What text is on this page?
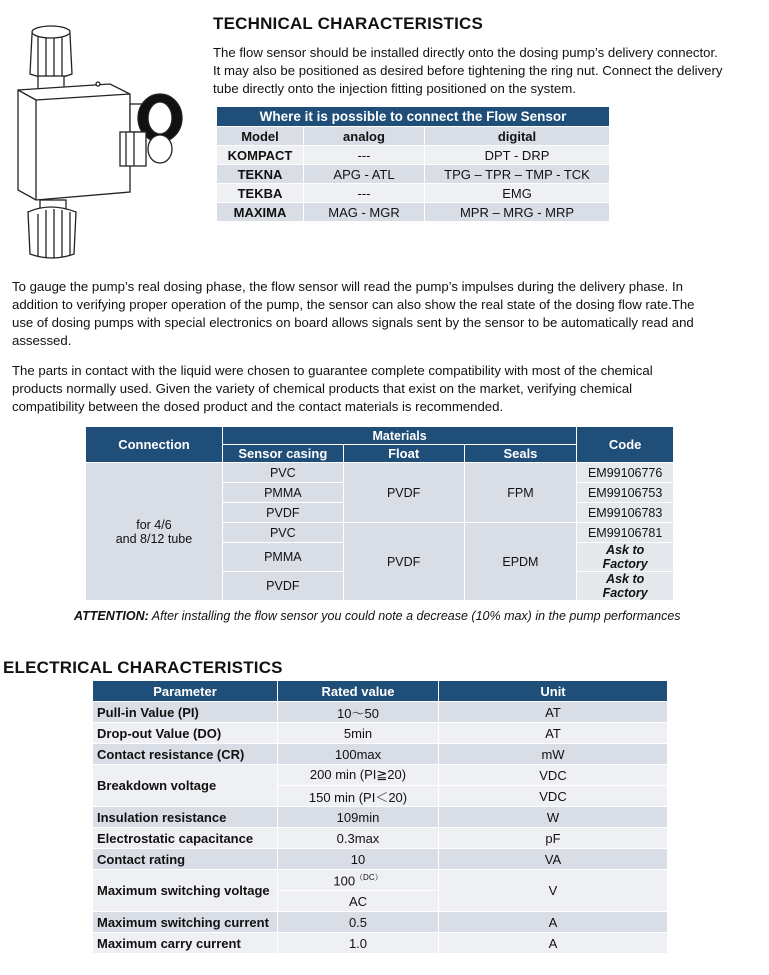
TECHNICAL CHARACTERISTICS
The flow sensor should be installed directly onto the dosing pump’s delivery connector.
It may also be positioned as desired before tightening the ring nut. Connect the delivery
tube directly onto the injection fitting positioned on the system.
Where it is possible to connect the Flow Sensor		
Model	analog	digital
KOMPACT	---	DPT - DRP
TEKNA	APG - ATL	TPG – TPR – TMP - TCK
TEKBA	---	EMG
MAXIMA	MAG - MGR	MPR – MRG - MRP
To gauge the pump’s real dosing phase, the flow sensor will read the pump’s impulses during the delivery phase. In
addition to verifying proper operation of the pump, the sensor can also show the real state of the dosing flow rate.The
use of dosing pumps with special electronics on board allows signals sent by the sensor to be automatically read and
assessed.
The parts in contact with the liquid were chosen to guarantee complete compatibility with most of the chemical
products normally used. Given the variety of chemical products that exist on the market, verifying chemical
compatibility between the dosed product and the contact materials is recommended.
Connection	Materials			Code
	Sensor casing	Float	Seals	

for 4/6
and 8/12 tube	PVC	PVDF	FPM	EM99106776
	PMMA			EM99106753
	PVDF			EM99106783
	PVC	PVDF	EPDM	EM99106781
	PMMA			Ask to
Factory

	PVDF			Ask to
Factory
ATTENTION: After installing the flow sensor you could note a decrease (10% max) in the pump performances
ELECTRICAL CHARACTERISTICS
Parameter	Rated value	Unit
Pull-in Value (PI)	10～50	AT
Drop-out Value (DO)	5min	AT
Contact resistance (CR)	100max	mW
Breakdown voltage	200 min (PI≧20)	VDC
	150 min (PI＜20)	VDC
Insulation resistance	109min	W
Electrostatic capacitance	0.3max	pF
Contact rating	10	VA
Maximum switching voltage	$100^{(DC)}$	V
	AC	
Maximum switching current	0.5	A
Maximum carry current	1.0	A
